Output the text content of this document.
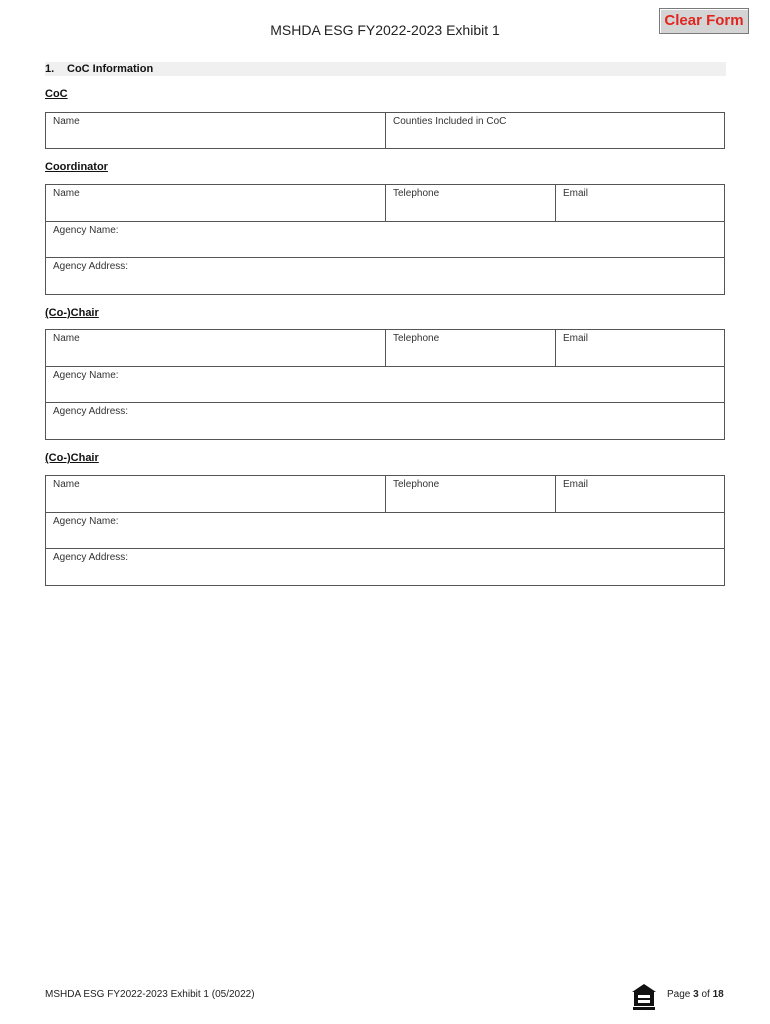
MSHDA ESG FY2022-2023 Exhibit 1
Clear Form
1. CoC Information
CoC
Name	Counties Included in CoC
Coordinator
Name	Telephone	Email
Agency Name:
Agency Address:
(Co-)Chair
Name	Telephone	Email
Agency Name:
Agency Address:
(Co-)Chair
Name	Telephone	Email
Agency Name:
Agency Address:
MSHDA ESG FY2022-2023 Exhibit 1 (05/2022)	Page 3 of 18
